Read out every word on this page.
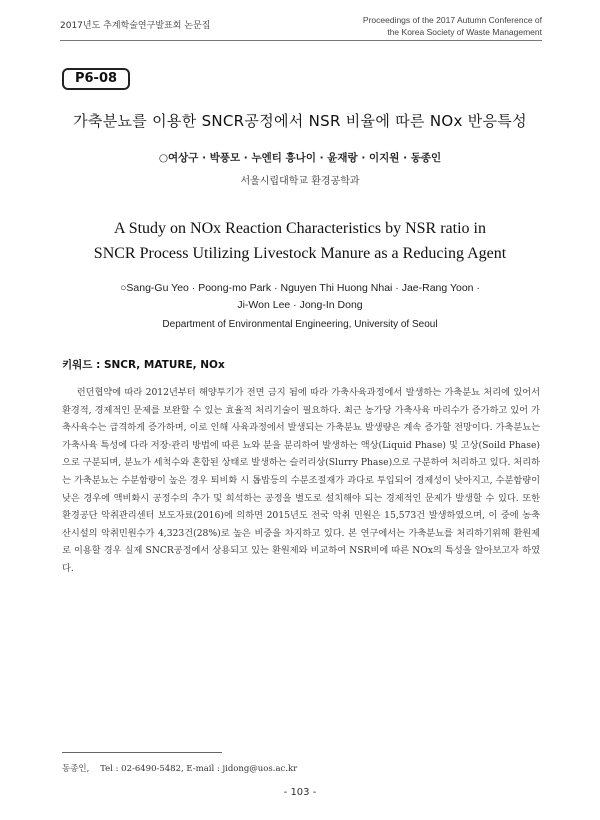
2017년도 추계학술연구발표회 논문집
Proceedings of the 2017 Autumn Conference of
the Korea Society of Waste Management
P6-08
가축분뇨를 이용한 SNCR공정에서 NSR 비율에 따른 NOx 반응특성
○여상구 · 박풍모 · 누엔티 흥나이 · 윤재랑 · 이지원 · 동종인
서울시립대학교 환경공학과
A Study on NOx Reaction Characteristics by NSR ratio in
SNCR Process Utilizing Livestock Manure as a Reducing Agent
○Sang-Gu Yeo · Poong-mo Park · Nguyen Thi Huong Nhai · Jae-Rang Yoon ·
Ji-Won Lee · Jong-In Dong
Department of Environmental Engineering, University of Seoul
키워드 : SNCR, MATURE, NOx

런던협약에 따라 2012년부터 해양투기가 전면 금지 됨에 따라 가축사육과정에서 발생하는 가축분뇨 처리에 있어서 환경적, 경제적인 문제를 보완할 수 있는 효율적 처리기술이 필요하다. 최근 농가당 가축사육 마리수가 증가하고 있어 가축사육수는 급격하게 증가하며, 이로 인해 사육과정에서 발생되는 가축분뇨 발생량은 계속 증가할 전망이다. 가축분뇨는 가축사육 특성에 다라 저장·관리 방법에 따른 뇨와 분을 분리하여 발생하는 액상(Liquid Phase) 및 고상(Soild Phase)으로 구분되며, 분뇨가 세척수와 혼합된 상태로 발생하는 슬러리상(Slurry Phase)으로 구분하여 처리하고 있다. 처리하는 가축분뇨는 수분함량이 높은 경우 퇴비화 시 톱밥등의 수분조절재가 과다로 투입되어 경제성이 낮아지고, 수분함량이 낮은 경우에 액비화시 공정수의 추가 및 희석하는 공정을 별도로 설치해야 되는 경제적인 문제가 발생할 수 있다. 또한 환경공단 악취관리센터 보도자료(2016)에 의하면 2015년도 전국 악취 민원은 15,573건 발생하였으며, 이 중에 농축산시설의 악취민원수가 4,323건(28%)로 높은 비중을 차지하고 있다. 본 연구에서는 가축분뇨를 처리하기위해 환원제로 이용할 경우 실제 SNCR공정에서 상용되고 있는 환원제와 비교하여 NSR비에 따른 NOx의 특성을 알아보고자 하였다.

동종인,    Tel : 02-6490-5482, E-mail : jidong@uos.ac.kr
- 103 -
